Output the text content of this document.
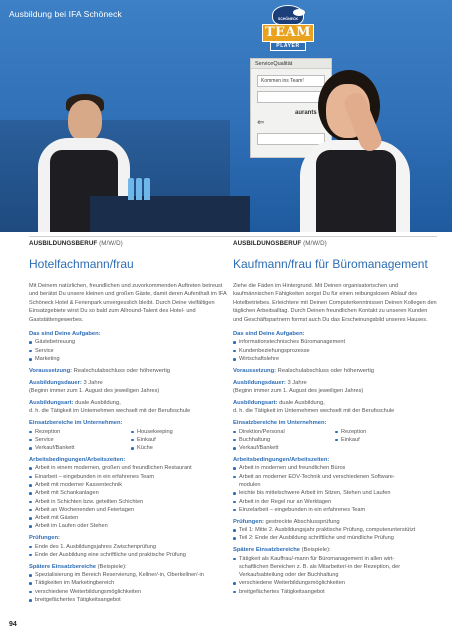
ServiceQualität
Kommen ins Team!
aurants
⇐
Ausbildung bei IFA Schöneck	SCHÖNECK
TEAM
PLAYER
AUSBILDUNGSBERUF (M/W/D)
Hotelfachmann/frau
Mit Deinem natürlichen, freundlichen und zuvorkommenden Auftreten betreust und berätst Du unsere kleinen und großen Gäste, damit deren Aufenthalt im IFA Schöneck Hotel & Ferienpark unvergesslich bleibt. Durch Deine vielfältigen Einsatzgebiete wirst Du so bald zum Allround-Talent des Hotel- und Gaststättengewerbes.
Das sind Deine Aufgaben:
Gästebetreuung
Service
Marketing
Voraussetzung: Realschulabschluss oder höherwertig
Ausbildungsdauer: 3 Jahre
(Beginn immer zum 1. August des jeweiligen Jahres)
Ausbildungsart: duale Ausbildung,
d. h. die Tätigkeit im Unternehmen wechselt mit der Berufsschule
Einsatzbereiche im Unternehmen:
Rezeption	Housekeeping
Service	Einkauf
Verkauf/Bankett	Küche
Arbeitsbedingungen/Arbeitszeiten:
Arbeit in einem modernen, großen und freundlichen Restaurant
Einarbeit – eingebunden in ein erfahrenes Team
Arbeit mit moderner Kassentechnik
Arbeit mit Schankanlagen
Arbeit in Schichten bzw. geteilten Schichten
Arbeit an Wochenenden und Feiertagen
Arbeit mit Gästen
Arbeit im Laufen oder Stehen
Prüfungen:
Ende des 1. Ausbildungsjahres Zwischenprüfung
Ende der Ausbildung eine schriftliche und praktische Prüfung
Spätere Einsatzbereiche (Beispiele):
Spezialisierung im Bereich Reservierung, Kellner/-in, Oberkellner/-in
Tätigkeiten im Marketingbereich
verschiedene Weiterbildungsmöglichkeiten
breitgefächertes Tätigkeitsangebot
AUSBILDUNGSBERUF (M/W/D)
Kaufmann/frau für Büromanagement
Ziehe die Fäden im Hintergrund. Mit Deinen organisatorischen und kaufmännischen Fähigkeiten sorgst Du für einen reibungslosen Ablauf des Hotelbetriebes. Erleichtere mit Deinen Computerkenntnissen Deinen Kollegen den täglichen Arbeitsalltag. Durch Deinen freundlichen Kontakt zu unseren Kunden und Geschäftspartnern formst auch Du das Erscheinungsbild unseres Hauses.
Das sind Deine Aufgaben:
informationstechnisches Büromanagement
Kundenbeziehungsprozesse
Wirtschaftslehre
Voraussetzung: Realschulabschluss oder höherwertig
Ausbildungsdauer: 3 Jahre
(Beginn immer zum 1. August des jeweiligen Jahres)
Ausbildungsart: duale Ausbildung,
d. h. die Tätigkeit im Unternehmen wechselt mit der Berufsschule
Einsatzbereiche im Unternehmen:
Direktion/Personal	Rezeption
Buchhaltung	Einkauf
Verkauf/Bankett
Arbeitsbedingungen/Arbeitszeiten:
Arbeit in modernen und freundlichen Büros
Arbeit an moderner EDV-Technik und verschiedenen Software-
modulen
leichte bis mittelschwere Arbeit im Sitzen, Stehen und Laufen
Arbeit in der Regel nur an Werktagen
Einzelarbeit – eingebunden in ein erfahrenes Team
Prüfungen: gestreckte Abschlussprüfung
Teil 1: Mitte 2. Ausbildungsjahr praktische Prüfung, computerunterstützt
Teil 2: Ende der Ausbildung schriftliche und mündliche Prüfung
Spätere Einsatzbereiche (Beispiele):
Tätigkeit als Kauffrau/-mann für Büromanagement in allen wirt-
schaftlichen Bereichen z. B. als Mitarbeiter/-in der Rezeption, der
Verkaufsabteilung oder der Buchhaltung
verschiedene Weiterbildungsmöglichkeiten
breitgefächertes Tätigkeitsangebot
94
